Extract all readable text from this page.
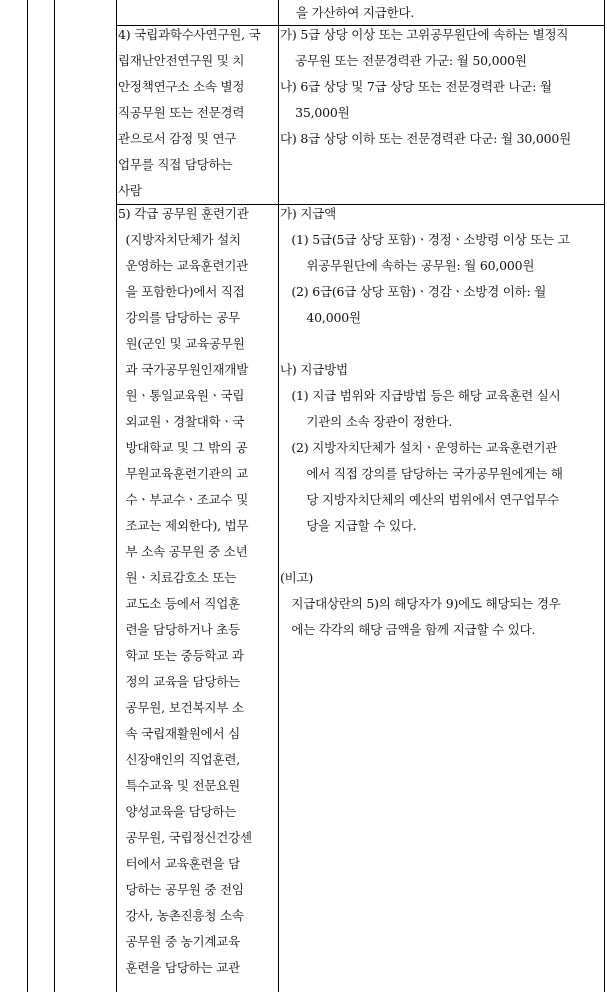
을 가산하여 지급한다.
4) 국립과학수사연구원, 국
립재난안전연구원 및 치
안정책연구소 소속 별정
직공무원 또는 전문경력
관으로서 감정 및 연구
업무를 직접 담당하는
사람
가) 5급 상당 이상 또는 고위공무원단에 속하는 별정직
공무원 또는 전문경력관 가군: 월 50,000원
나) 6급 상당 및 7급 상당 또는 전문경력관 나군: 월
35,000원
다) 8급 상당 이하 또는 전문경력관 다군: 월 30,000원
5) 각급 공무원 훈련기관
(지방자치단체가 설치
운영하는 교육훈련기관
을 포함한다)에서 직접
강의를 담당하는 공무
원(군인 및 교육공무원
과 국가공무원인재개발
원ㆍ통일교육원ㆍ국립
외교원ㆍ경찰대학ㆍ국
방대학교 및 그 밖의 공
무원교육훈련기관의 교
수ㆍ부교수ㆍ조교수 및
조교는 제외한다), 법무
부 소속 공무원 중 소년
원ㆍ치료감호소 또는
교도소 등에서 직업훈
련을 담당하거나 초등
학교 또는 중등학교 과
정의 교육을 담당하는
공무원, 보건복지부 소
속 국립재활원에서 심
신장애인의 직업훈련,
특수교육 및 전문요원
양성교육을 담당하는
공무원, 국립정신건강센
터에서 교육훈련을 담
당하는 공무원 중 전임
강사, 농촌진흥청 소속
공무원 중 농기계교육
훈련을 담당하는 교관
가) 지급액
(1) 5급(5급 상당 포함)ㆍ경정ㆍ소방령 이상 또는 고
위공무원단에 속하는 공무원: 월 60,000원
(2) 6급(6급 상당 포함)ㆍ경감ㆍ소방경 이하: 월
40,000원
나) 지급방법
(1) 지급 범위와 지급방법 등은 해당 교육훈련 실시
기관의 소속 장관이 정한다.
(2) 지방자치단체가 설치ㆍ운영하는 교육훈련기관
에서 직접 강의를 담당하는 국가공무원에게는 해
당 지방자치단체의 예산의 범위에서 연구업무수
당을 지급할 수 있다.
(비고)
지급대상란의 5)의 해당자가 9)에도 해당되는 경우
에는 각각의 해당 금액을 함께 지급할 수 있다.
